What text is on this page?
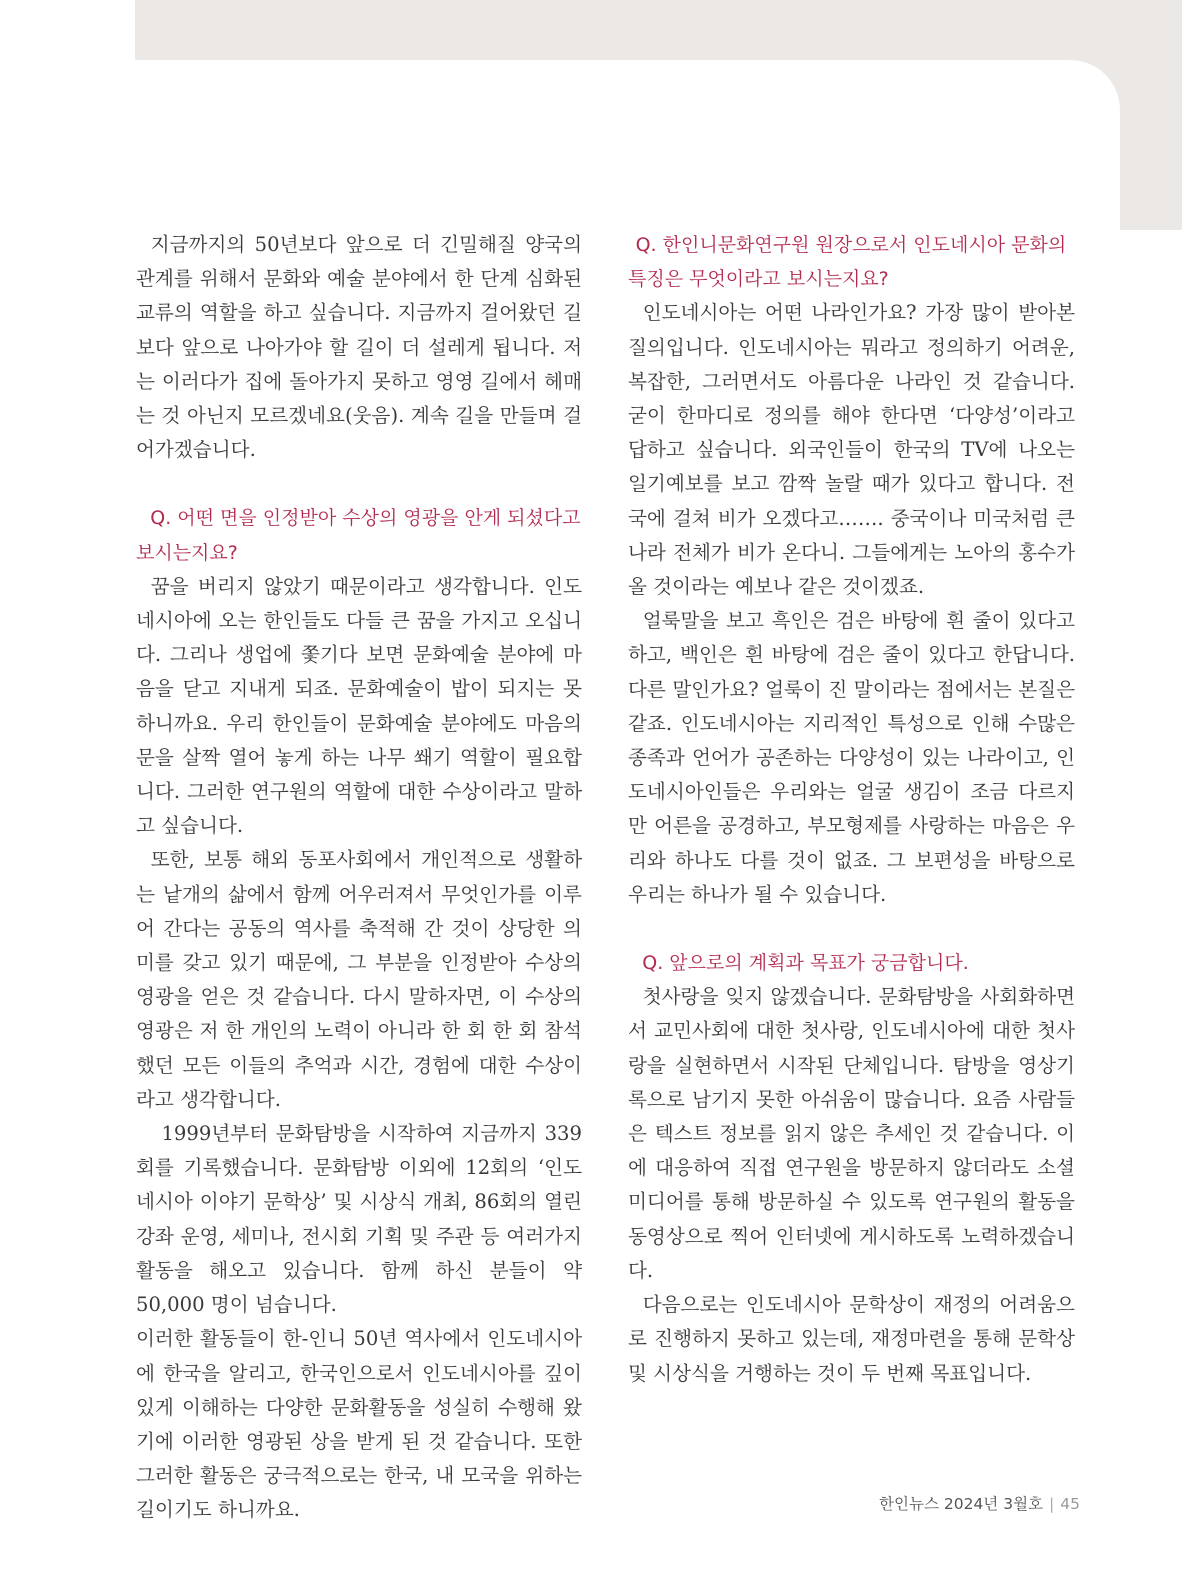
지금까지의 50년보다 앞으로 더 긴밀해질 양국의 관계를 위해서 문화와 예술 분야에서 한 단계 심화된 교류의 역할을 하고 싶습니다. 지금까지 걸어왔던 길보다 앞으로 나아가야 할 길이 더 설레게 됩니다. 저는 이러다가 집에 돌아가지 못하고 영영 길에서 헤매는 것 아닌지 모르겠네요(웃음). 계속 길을 만들며 걸어가겠습니다.

Q. 어떤 면을 인정받아 수상의 영광을 안게 되셨다고 보시는지요?

꿈을 버리지 않았기 때문이라고 생각합니다. 인도네시아에 오는 한인들도 다들 큰 꿈을 가지고 오십니다. 그리나 생업에 쫓기다 보면 문화예술 분야에 마음을 닫고 지내게 되죠. 문화예술이 밥이 되지는 못하니까요. 우리 한인들이 문화예술 분야에도 마음의 문을 살짝 열어 놓게 하는 나무 쐐기 역할이 필요합니다. 그러한 연구원의 역할에 대한 수상이라고 말하고 싶습니다.

또한, 보통 해외 동포사회에서 개인적으로 생활하는 낱개의 삶에서 함께 어우러져서 무엇인가를 이루어 간다는 공동의 역사를 축적해 간 것이 상당한 의미를 갖고 있기 때문에, 그 부분을 인정받아 수상의 영광을 얻은 것 같습니다. 다시 말하자면, 이 수상의 영광은 저 한 개인의 노력이 아니라 한 회 한 회 참석했던 모든 이들의 추억과 시간, 경험에 대한 수상이라고 생각합니다.

1999년부터 문화탐방을 시작하여 지금까지 339회를 기록했습니다. 문화탐방 이외에 12회의 ‘인도네시아 이야기 문학상’ 및 시상식 개최, 86회의 열린강좌 운영, 세미나, 전시회 기획 및 주관 등 여러가지 활동을 해오고 있습니다. 함께 하신 분들이 약 50,000 명이 넘습니다.

이러한 활동들이 한-인니 50년 역사에서 인도네시아에 한국을 알리고, 한국인으로서 인도네시아를 깊이있게 이해하는 다양한 문화활동을 성실히 수행해 왔기에 이러한 영광된 상을 받게 된 것 같습니다. 또한 그러한 활동은 궁극적으로는 한국, 내 모국을 위하는 길이기도 하니까요.

Q. 한인니문화연구원 원장으로서 인도네시아 문화의 특징은 무엇이라고 보시는지요?

인도네시아는 어떤 나라인가요? 가장 많이 받아본 질의입니다. 인도네시아는 뭐라고 정의하기 어려운, 복잡한, 그러면서도 아름다운 나라인 것 같습니다. 굳이 한마디로 정의를 해야 한다면 ‘다양성’이라고 답하고 싶습니다. 외국인들이 한국의 TV에 나오는 일기예보를 보고 깜짝 놀랄 때가 있다고 합니다. 전국에 걸쳐 비가 오겠다고……. 중국이나 미국처럼 큰 나라 전체가 비가 온다니. 그들에게는 노아의 홍수가 올 것이라는 예보나 같은 것이겠죠.

얼룩말을 보고 흑인은 검은 바탕에 흰 줄이 있다고 하고, 백인은 흰 바탕에 검은 줄이 있다고 한답니다. 다른 말인가요? 얼룩이 진 말이라는 점에서는 본질은 같죠. 인도네시아는 지리적인 특성으로 인해 수많은 종족과 언어가 공존하는 다양성이 있는 나라이고, 인도네시아인들은 우리와는 얼굴 생김이 조금 다르지만 어른을 공경하고, 부모형제를 사랑하는 마음은 우리와 하나도 다를 것이 없죠. 그 보편성을 바탕으로 우리는 하나가 될 수 있습니다.

Q. 앞으로의 계획과 목표가 궁금합니다.

첫사랑을 잊지 않겠습니다. 문화탐방을 사회화하면서 교민사회에 대한 첫사랑, 인도네시아에 대한 첫사랑을 실현하면서 시작된 단체입니다. 탐방을 영상기록으로 남기지 못한 아쉬움이 많습니다. 요즘 사람들은 텍스트 정보를 읽지 않은 추세인 것 같습니다. 이에 대응하여 직접 연구원을 방문하지 않더라도 소셜미디어를 통해 방문하실 수 있도록 연구원의 활동을 동영상으로 찍어 인터넷에 게시하도록 노력하겠습니다.

다음으로는 인도네시아 문학상이 재정의 어려움으로 진행하지 못하고 있는데, 재정마련을 통해 문학상 및 시상식을 거행하는 것이 두 번째 목표입니다.

한인뉴스 2024년 3월호 | 45
